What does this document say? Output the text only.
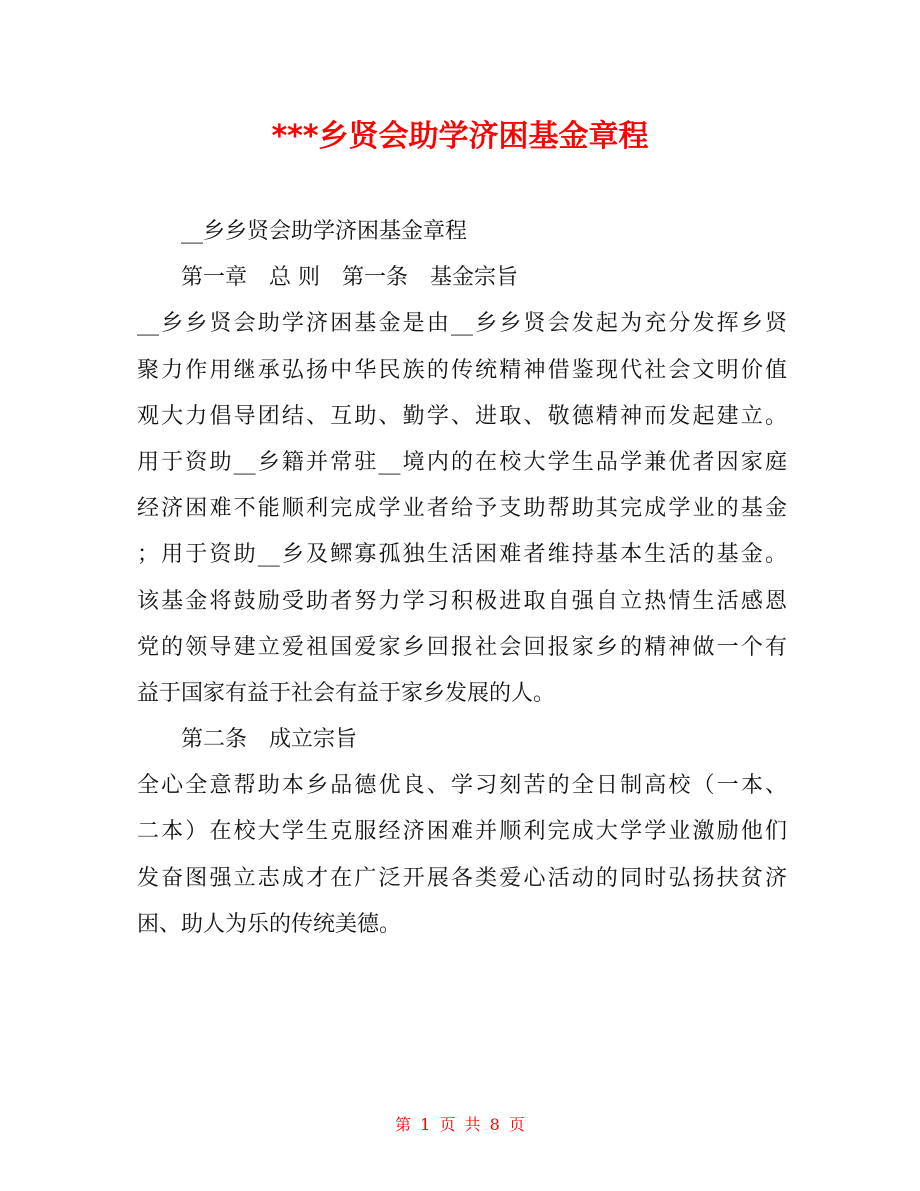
***乡贤会助学济困基金章程
__乡乡贤会助学济困基金章程
第一章　总 则　第一条　基金宗旨
__乡乡贤会助学济困基金是由__乡乡贤会发起为充分发挥乡贤
聚力作用继承弘扬中华民族的传统精神借鉴现代社会文明价值
观大力倡导团结、互助、勤学、进取、敬德精神而发起建立。
用于资助__乡籍并常驻__境内的在校大学生品学兼优者因家庭
经济困难不能顺利完成学业者给予支助帮助其完成学业的基金
；用于资助__乡及鳏寡孤独生活困难者维持基本生活的基金。
该基金将鼓励受助者努力学习积极进取自强自立热情生活感恩
党的领导建立爱祖国爱家乡回报社会回报家乡的精神做一个有
益于国家有益于社会有益于家乡发展的人。
第二条　成立宗旨
全心全意帮助本乡品德优良、学习刻苦的全日制高校（一本、
二本）在校大学生克服经济困难并顺利完成大学学业激励他们
发奋图强立志成才在广泛开展各类爱心活动的同时弘扬扶贫济
困、助人为乐的传统美德。
第 1 页 共 8 页
